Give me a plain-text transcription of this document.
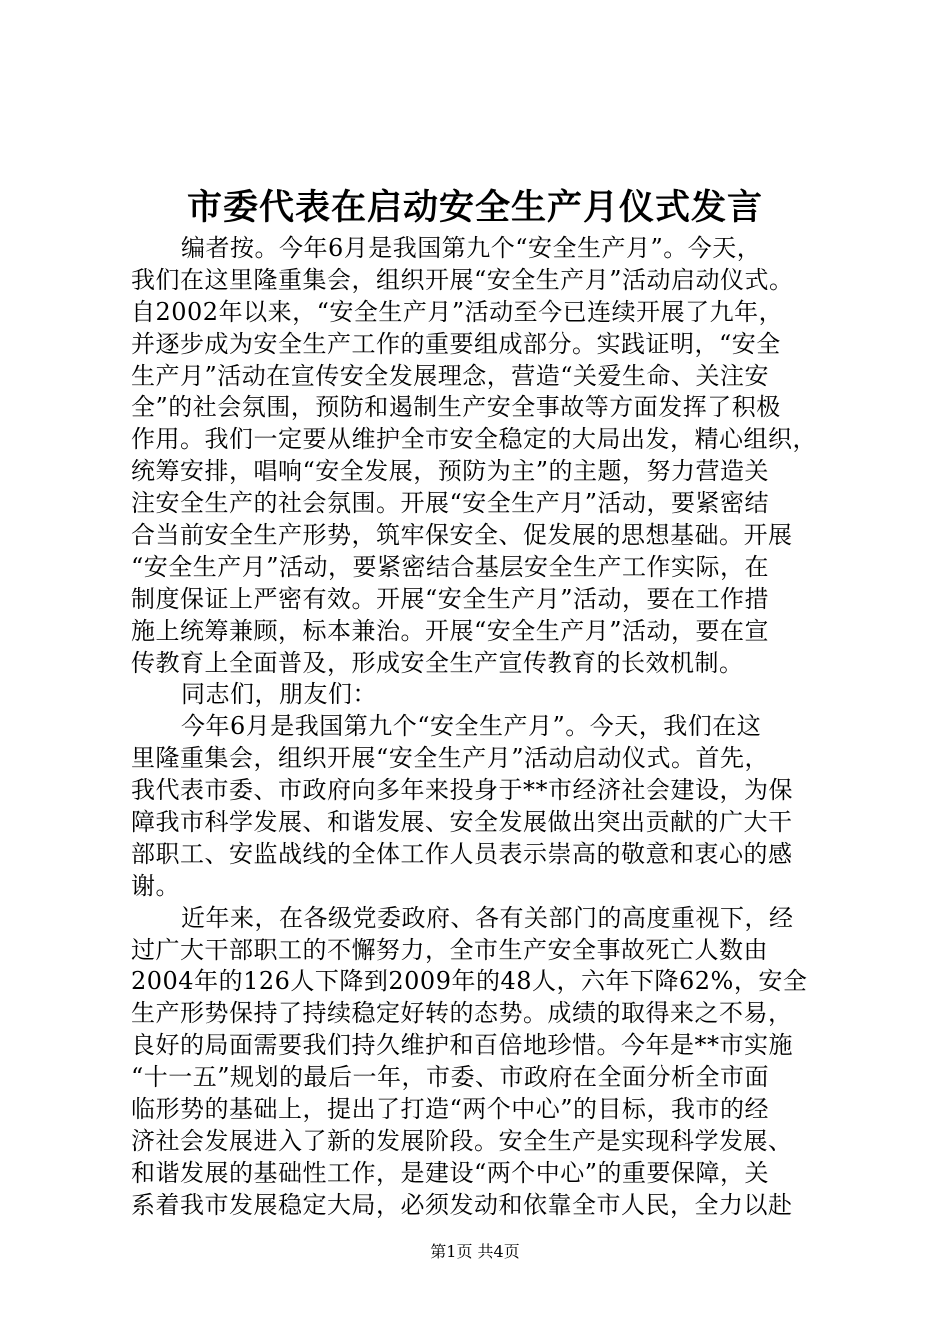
市委代表在启动安全生产月仪式发言
编者按。今年6月是我国第九个“安全生产月”。今天，
我们在这里隆重集会，组织开展“安全生产月”活动启动仪式。
自2002年以来，“安全生产月”活动至今已连续开展了九年，
并逐步成为安全生产工作的重要组成部分。实践证明，“安全
生产月”活动在宣传安全发展理念，营造“关爱生命、关注安
全”的社会氛围，预防和遏制生产安全事故等方面发挥了积极
作用。我们一定要从维护全市安全稳定的大局出发，精心组织，
统筹安排，唱响“安全发展，预防为主”的主题，努力营造关
注安全生产的社会氛围。开展“安全生产月”活动，要紧密结
合当前安全生产形势，筑牢保安全、促发展的思想基础。开展
“安全生产月”活动，要紧密结合基层安全生产工作实际，在
制度保证上严密有效。开展“安全生产月”活动，要在工作措
施上统筹兼顾，标本兼治。开展“安全生产月”活动，要在宣
传教育上全面普及，形成安全生产宣传教育的长效机制。
同志们，朋友们：
今年6月是我国第九个“安全生产月”。今天，我们在这
里隆重集会，组织开展“安全生产月”活动启动仪式。首先，
我代表市委、市政府向多年来投身于**市经济社会建设，为保
障我市科学发展、和谐发展、安全发展做出突出贡献的广大干
部职工、安监战线的全体工作人员表示崇高的敬意和衷心的感
谢。
近年来，在各级党委政府、各有关部门的高度重视下，经
过广大干部职工的不懈努力，全市生产安全事故死亡人数由
2004年的126人下降到2009年的48人，六年下降62%，安全
生产形势保持了持续稳定好转的态势。成绩的取得来之不易，
良好的局面需要我们持久维护和百倍地珍惜。今年是**市实施
“十一五”规划的最后一年，市委、市政府在全面分析全市面
临形势的基础上，提出了打造“两个中心”的目标，我市的经
济社会发展进入了新的发展阶段。安全生产是实现科学发展、
和谐发展的基础性工作，是建设“两个中心”的重要保障，关
系着我市发展稳定大局，必须发动和依靠全市人民，全力以赴
第1页 共4页
